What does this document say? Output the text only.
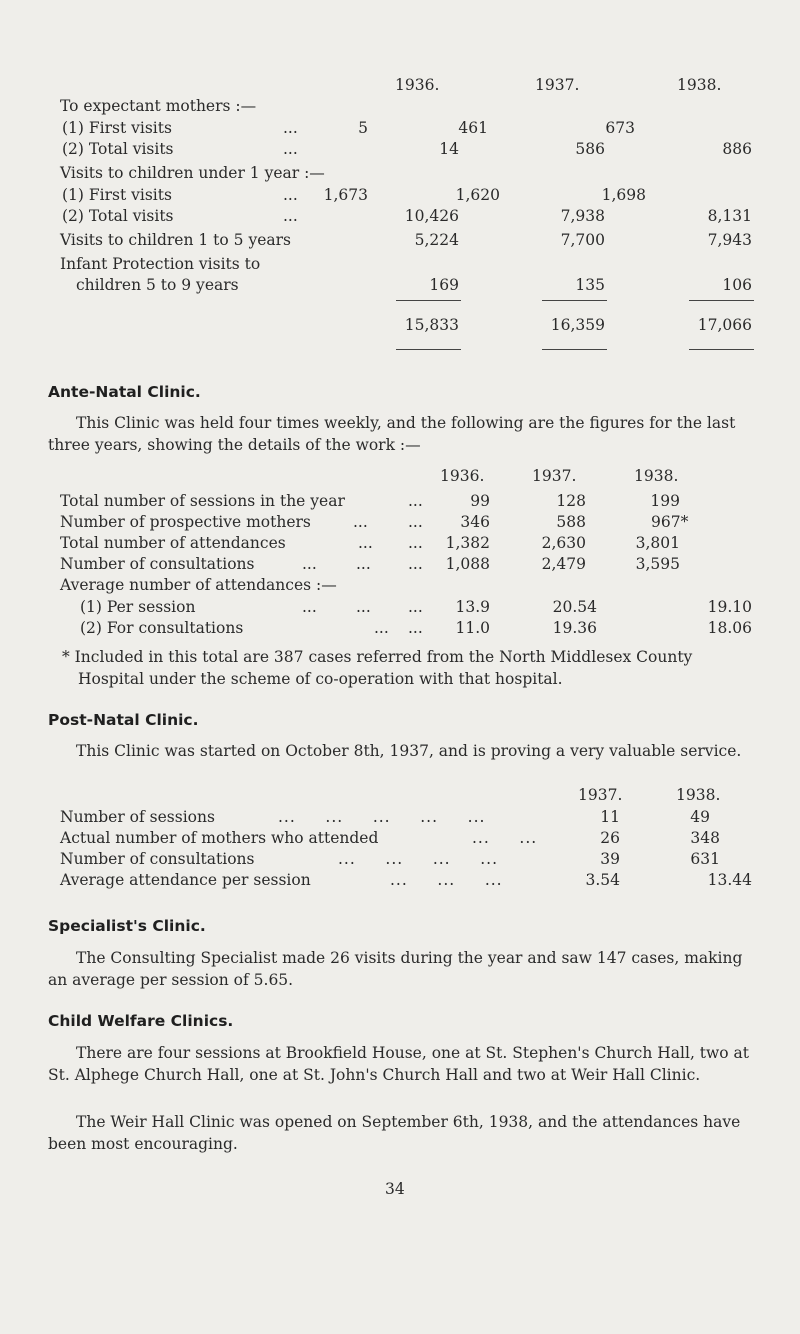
1936.	1937.	1938.
To expectant mothers :—
(1) First visits	...	5	461	673
(2) Total visits	...	14	586	886
Visits to children under 1 year :—
(1) First visits	...	1,673	1,620	1,698
(2) Total visits	...	10,426	7,938	8,131
Visits to children 1 to 5 years	5,224	7,700	7,943
Infant Protection visits to
children 5 to 9 years	169	135	106
15,833	16,359	17,066
Ante-Natal Clinic.

This Clinic was held four times weekly, and the following are the figures for the last three years, showing the details of the work :—

1936.	1937.	1938.
Total number of sessions in the year	...	99	128	199
Number of prospective mothers	...	...	346	588	967*
Total number of attendances	... ...	1,382	2,630	3,801
Number of consultations	...	... ...	1,088	2,479	3,595
Average number of attendances :—
(1) Per session	...	... ...	13.9	20.54	19.10
(2) For consultations	... ...	11.0	19.36	18.06

* Included in this total are 387 cases referred from the North Middlesex County Hospital under the scheme of co-operation with that hospital.

Post-Natal Clinic.

This Clinic was started on October 8th, 1937, and is proving a very valuable service.

1937.	1938.
Number of sessions	...     ...     ...     ...     ...	11	49
Actual number of mothers who attended	...     ...	26	348
Number of consultations	...     ...     ...     ...	39	631
Average attendance per session	...     ...     ...	3.54	13.44
Specialist's Clinic.

The Consulting Specialist made 26 visits during the year and saw 147 cases, making an average per session of 5.65.

Child Welfare Clinics.

There are four sessions at Brookfield House, one at St. Stephen's Church Hall, two at St. Alphege Church Hall, one at St. John's Church Hall and two at Weir Hall Clinic.

The Weir Hall Clinic was opened on September 6th, 1938, and the attendances have been most encouraging.

34
